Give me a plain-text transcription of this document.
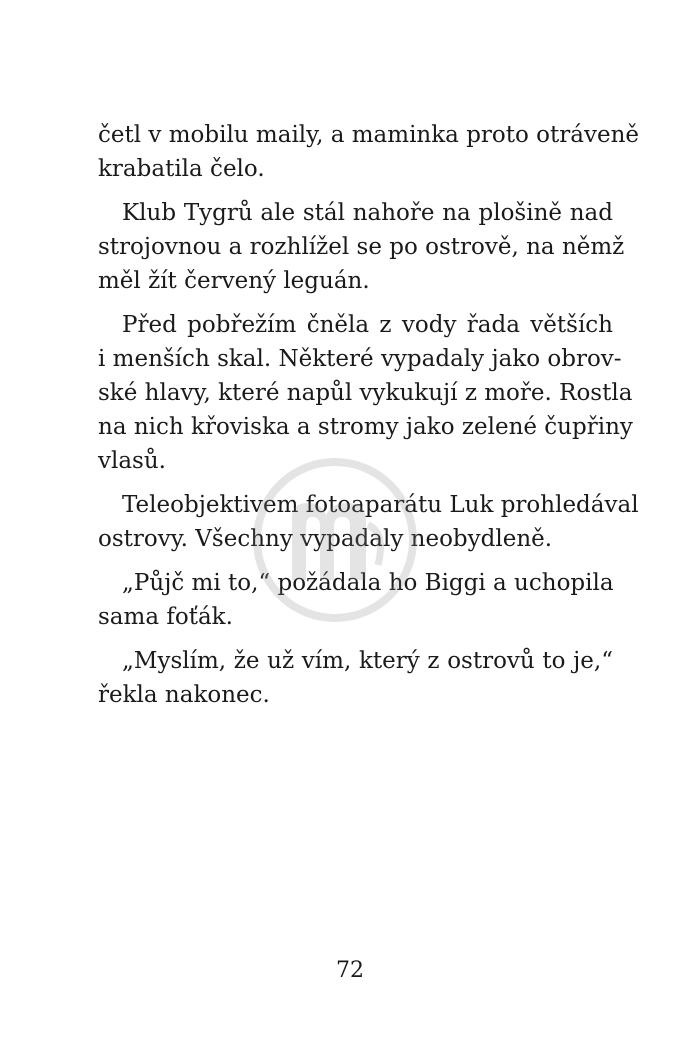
četl v mobilu maily, a maminka proto otráveně
krabatila čelo.

Klub Tygrů ale stál nahoře na plošině nad
strojovnou a rozhlížel se po ostrově, na němž
měl žít červený leguán.

Před pobřežím čněla z vody řada větších
i menších skal. Některé vypadaly jako obrov-
ské hlavy, které napůl vykukují z moře. Rostla
na nich křoviska a stromy jako zelené čupřiny
vlasů.

Teleobjektivem fotoaparátu Luk prohledával
ostrovy. Všechny vypadaly neobydleně.

„Půjč mi to,“ požádala ho Biggi a uchopila
sama foťák.

„Myslím, že už vím, který z ostrovů to je,“
řekla nakonec.

72
